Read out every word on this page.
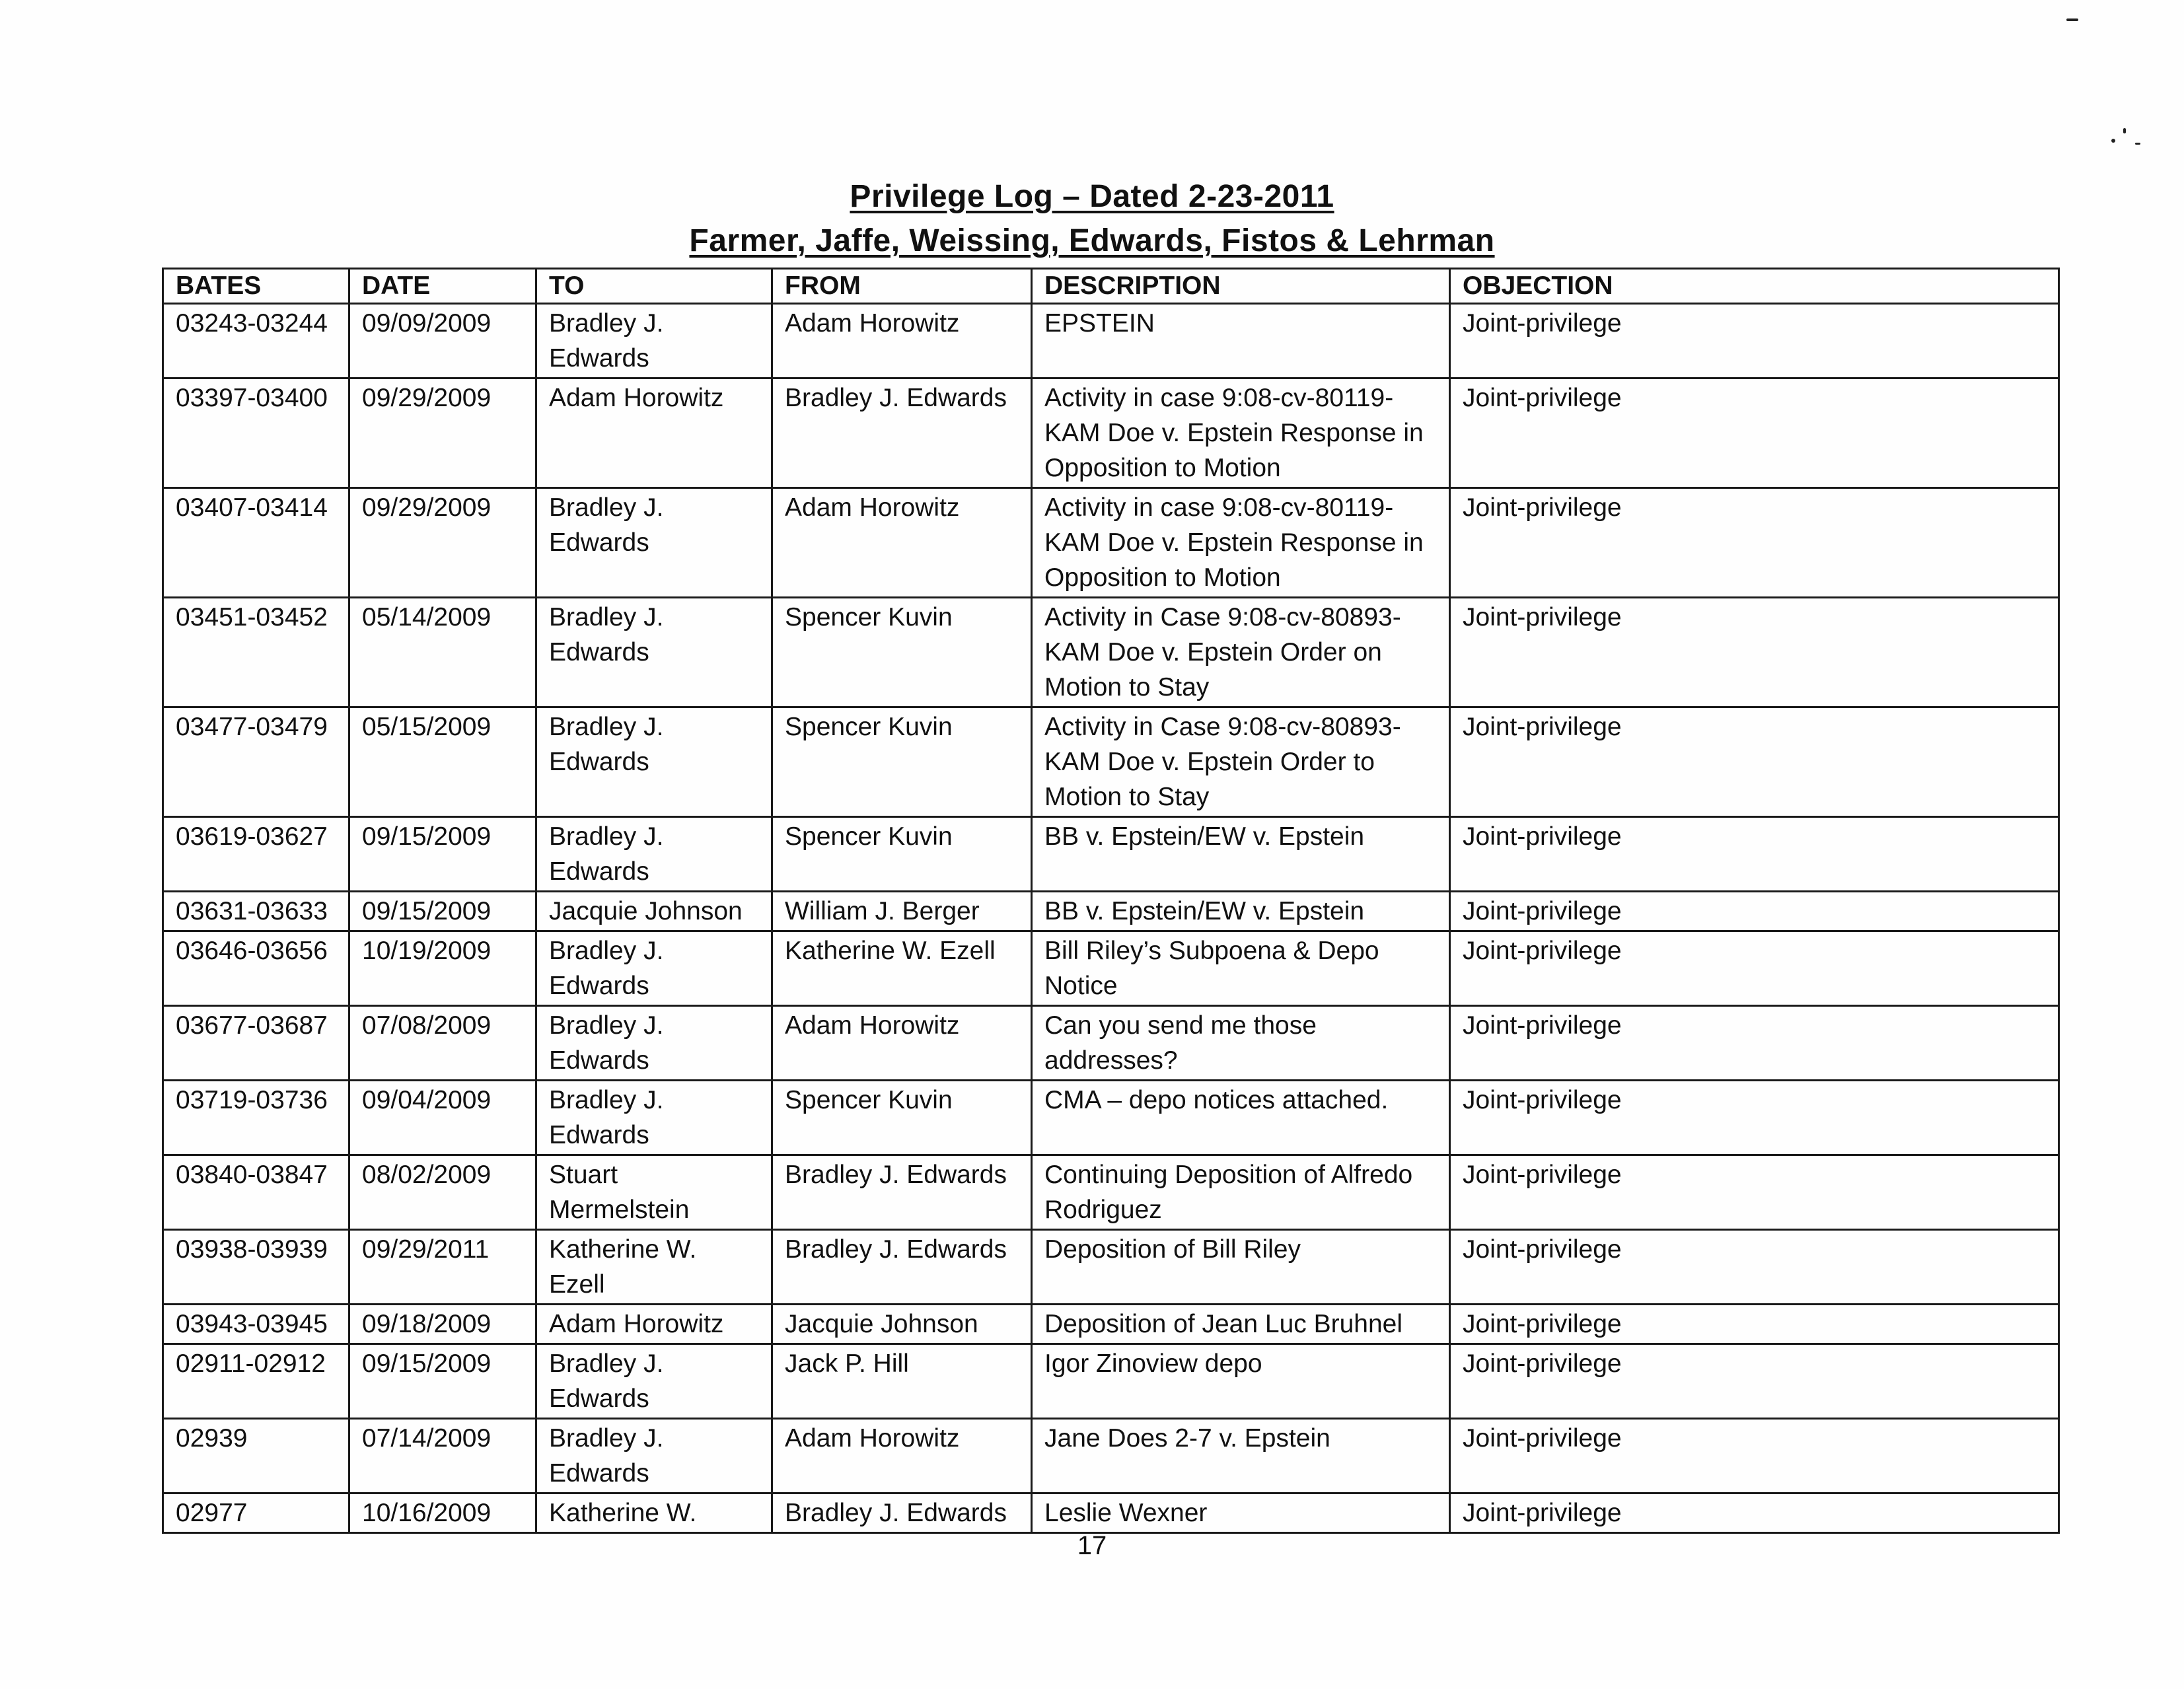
Privilege Log – Dated 2-23-2011
Farmer, Jaffe, Weissing, Edwards, Fistos & Lehrman
BATES	DATE	TO	FROM	DESCRIPTION	OBJECTION
03243-03244	09/09/2009	Bradley J. Edwards	Adam Horowitz	EPSTEIN	Joint-privilege
03397-03400	09/29/2009	Adam Horowitz	Bradley J. Edwards	Activity in case 9:08-cv-80119-KAM Doe v. Epstein Response in Opposition to Motion	Joint-privilege
03407-03414	09/29/2009	Bradley J. Edwards	Adam Horowitz	Activity in case 9:08-cv-80119-KAM Doe v. Epstein Response in Opposition to Motion	Joint-privilege
03451-03452	05/14/2009	Bradley J. Edwards	Spencer Kuvin	Activity in Case 9:08-cv-80893-KAM Doe v. Epstein Order on Motion to Stay	Joint-privilege
03477-03479	05/15/2009	Bradley J. Edwards	Spencer Kuvin	Activity in Case 9:08-cv-80893-KAM Doe v. Epstein Order to Motion to Stay	Joint-privilege
03619-03627	09/15/2009	Bradley J. Edwards	Spencer Kuvin	BB v. Epstein/EW v. Epstein	Joint-privilege
03631-03633	09/15/2009	Jacquie Johnson	William J. Berger	BB v. Epstein/EW v. Epstein	Joint-privilege
03646-03656	10/19/2009	Bradley J. Edwards	Katherine W. Ezell	Bill Riley’s Subpoena & Depo Notice	Joint-privilege
03677-03687	07/08/2009	Bradley J. Edwards	Adam Horowitz	Can you send me those addresses?	Joint-privilege
03719-03736	09/04/2009	Bradley J. Edwards	Spencer Kuvin	CMA – depo notices attached.	Joint-privilege
03840-03847	08/02/2009	Stuart Mermelstein	Bradley J. Edwards	Continuing Deposition of Alfredo Rodriguez	Joint-privilege
03938-03939	09/29/2011	Katherine W. Ezell	Bradley J. Edwards	Deposition of Bill Riley	Joint-privilege
03943-03945	09/18/2009	Adam Horowitz	Jacquie Johnson	Deposition of Jean Luc Bruhnel	Joint-privilege
02911-02912	09/15/2009	Bradley J. Edwards	Jack P. Hill	Igor Zinoview depo	Joint-privilege
02939	07/14/2009	Bradley J. Edwards	Adam Horowitz	Jane Does 2-7 v. Epstein	Joint-privilege
02977	10/16/2009	Katherine W.	Bradley J. Edwards	Leslie Wexner	Joint-privilege
17
